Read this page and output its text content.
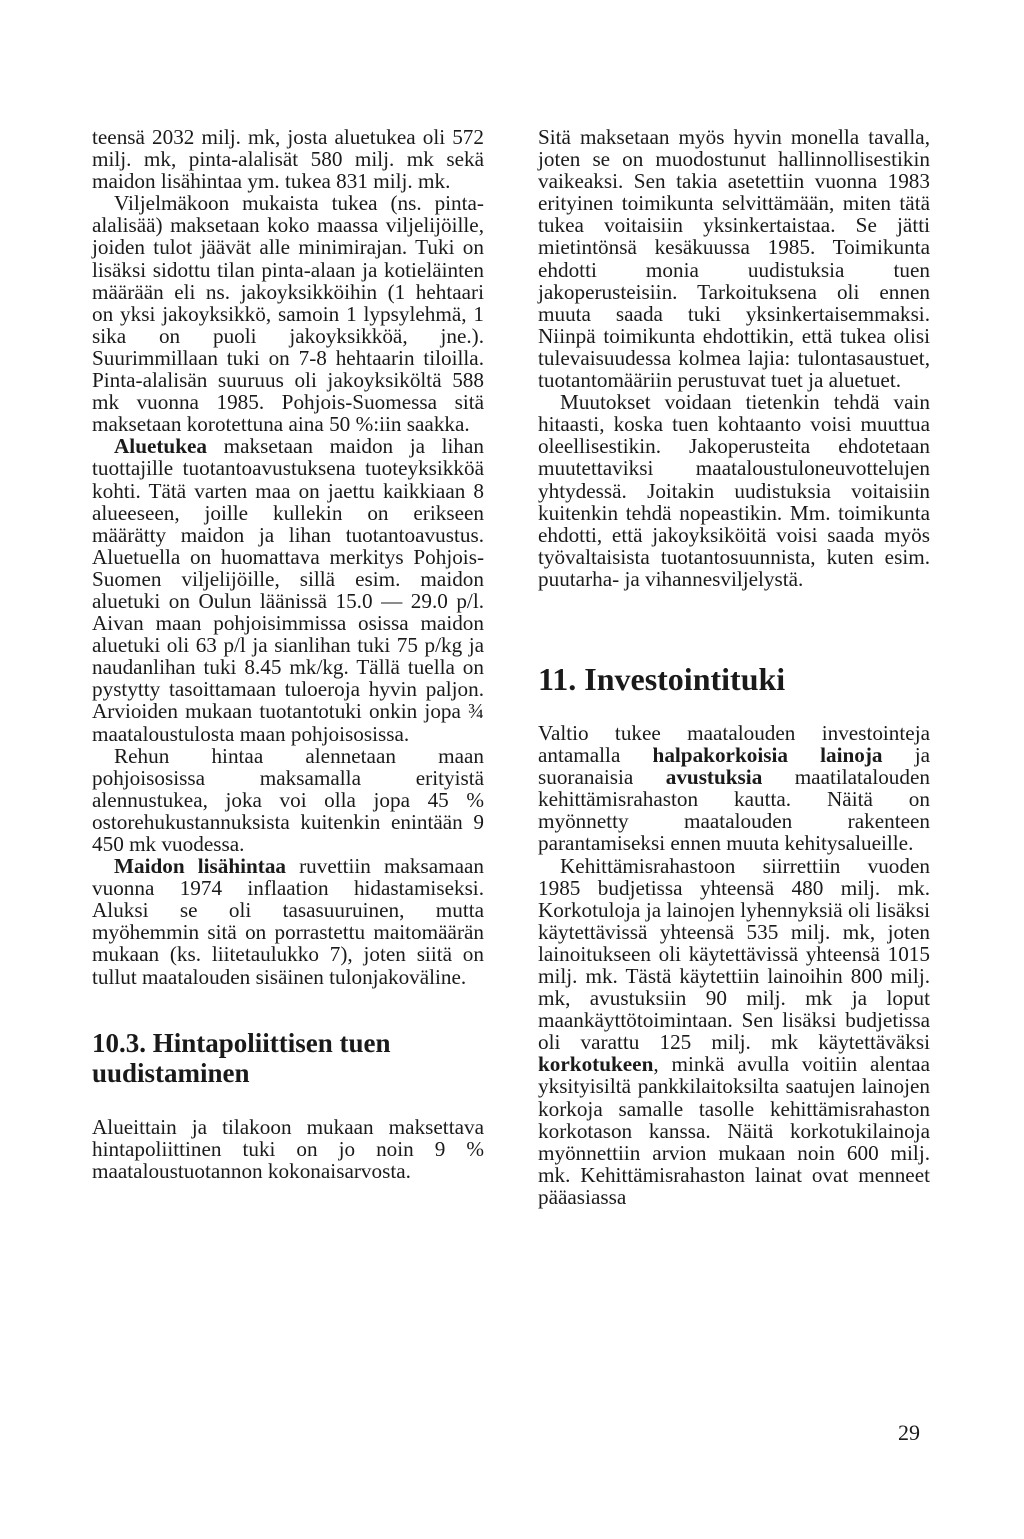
teensä 2032 milj. mk, josta aluetukea oli 572 milj. mk, pinta-alalisät 580 milj. mk sekä maidon lisähintaa ym. tukea 831 milj. mk.

Viljelmäkoon mukaista tukea (ns. pinta-alalisää) maksetaan koko maassa viljelijöille, joiden tulot jäävät alle minimirajan. Tuki on lisäksi sidottu tilan pinta-alaan ja kotieläinten määrään eli ns. jakoyksikköihin (1 hehtaari on yksi jakoyksikkö, samoin 1 lypsylehmä, 1 sika on puoli jakoyksikköä, jne.). Suurimmillaan tuki on 7-8 hehtaarin tiloilla. Pinta-alalisän suuruus oli jakoyksiköltä 588 mk vuonna 1985. Pohjois-Suomessa sitä maksetaan korotettuna aina 50 %:iin saakka.

Aluetukea maksetaan maidon ja lihan tuottajille tuotantoavustuksena tuoteyksikköä kohti. Tätä varten maa on jaettu kaikkiaan 8 alueeseen, joille kullekin on erikseen määrätty maidon ja lihan tuotantoavustus. Aluetuella on huomattava merkitys Pohjois-Suomen viljelijöille, sillä esim. maidon aluetuki on Oulun läänissä 15.0 — 29.0 p/l. Aivan maan pohjoisimmissa osissa maidon aluetuki oli 63 p/l ja sianlihan tuki 75 p/kg ja naudanlihan tuki 8.45 mk/kg. Tällä tuella on pystytty tasoittamaan tuloeroja hyvin paljon. Arvioiden mukaan tuotantotuki onkin jopa ¾ maataloustulosta maan pohjoisosissa.

Rehun hintaa alennetaan maan pohjoisosissa maksamalla erityistä alennustukea, joka voi olla jopa 45 % ostorehukustannuksista kuitenkin enintään 9 450 mk vuodessa.

Maidon lisähintaa ruvettiin maksamaan vuonna 1974 inflaation hidastamiseksi. Aluksi se oli tasasuuruinen, mutta myöhemmin sitä on porrastettu maitomäärän mukaan (ks. liitetaulukko 7), joten siitä on tullut maatalouden sisäinen tulonjakoväline.

10.3. Hintapoliittisen tuen uudistaminen

Alueittain ja tilakoon mukaan maksettava hintapoliittinen tuki on jo noin 9 % maataloustuotannon kokonaisarvosta.

Sitä maksetaan myös hyvin monella tavalla, joten se on muodostunut hallinnollisestikin vaikeaksi. Sen takia asetettiin vuonna 1983 erityinen toimikunta selvittämään, miten tätä tukea voitaisiin yksinkertaistaa. Se jätti mietintönsä kesäkuussa 1985. Toimikunta ehdotti monia uudistuksia tuen jakoperusteisiin. Tarkoituksena oli ennen muuta saada tuki yksinkertaisemmaksi. Niinpä toimikunta ehdottikin, että tukea olisi tulevaisuudessa kolmea lajia: tulontasaustuet, tuotantomääriin perustuvat tuet ja aluetuet.

Muutokset voidaan tietenkin tehdä vain hitaasti, koska tuen kohtaanto voisi muuttua oleellisestikin. Jakoperusteita ehdotetaan muutettaviksi maataloustuloneuvottelujen yhtydessä. Joitakin uudistuksia voitaisiin kuitenkin tehdä nopeastikin. Mm. toimikunta ehdotti, että jakoyksiköitä voisi saada myös työvaltaisista tuotantosuunnista, kuten esim. puutarha- ja vihannesviljelystä.

11. Investointituki

Valtio tukee maatalouden investointeja antamalla halpakorkoisia lainoja ja suoranaisia avustuksia maatilatalouden kehittämisrahaston kautta. Näitä on myönnetty maatalouden rakenteen parantamiseksi ennen muuta kehitysalueille.

Kehittämisrahastoon siirrettiin vuoden 1985 budjetissa yhteensä 480 milj. mk. Korkotuloja ja lainojen lyhennyksiä oli lisäksi käytettävissä yhteensä 535 milj. mk, joten lainoitukseen oli käytettävissä yhteensä 1015 milj. mk. Tästä käytettiin lainoihin 800 milj. mk, avustuksiin 90 milj. mk ja loput maankäyttötoimintaan. Sen lisäksi budjetissa oli varattu 125 milj. mk käytettäväksi korkotukeen, minkä avulla voitiin alentaa yksityisiltä pankkilaitoksilta saatujen lainojen korkoja samalle tasolle kehittämisrahaston korkotason kanssa. Näitä korkotukilainoja myönnettiin arvion mukaan noin 600 milj. mk. Kehittämisrahaston lainat ovat menneet pääasiassa

29
